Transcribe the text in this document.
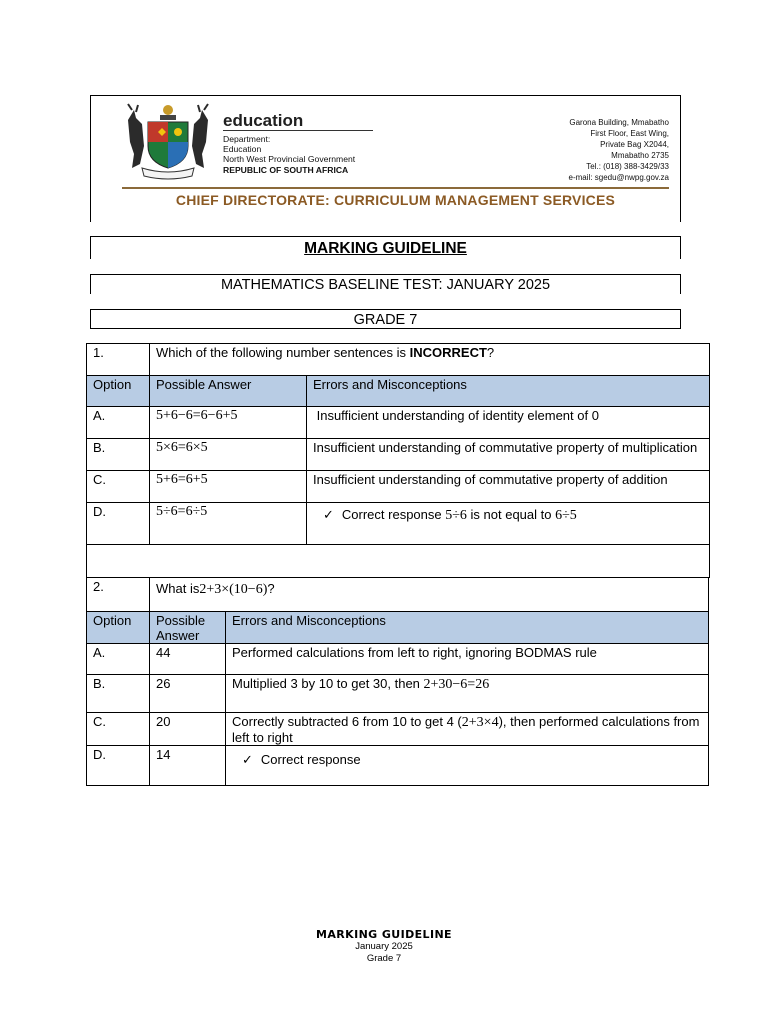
education
Department:
Education
North West Provincial Government
REPUBLIC OF SOUTH AFRICA
Garona Building, Mmabatho
First Floor, East Wing,
Private Bag X2044,
Mmabatho 2735
Tel.: (018) 388-3429/33
e-mail: sgedu@nwpg.gov.za
CHIEF DIRECTORATE: CURRICULUM MANAGEMENT SERVICES
MARKING GUIDELINE
MATHEMATICS BASELINE TEST: JANUARY 2025
GRADE 7
1.	Which of the following number sentences is INCORRECT?	
Option	Possible Answer	Errors and Misconceptions
A.	5+6−6=6−6+5	Insufficient understanding of identity element of 0
B.	5×6=6×5	Insufficient understanding of commutative property of multiplication
C.	5+6=6+5	Insufficient understanding of commutative property of addition
D.	5÷6=6÷5	✓ Correct response 5÷6 is not equal to 6÷5

2.	What is2+3×(10−6)?	
Option	Possible Answer	Errors and Misconceptions
A.	44	Performed calculations from left to right, ignoring BODMAS rule
B.	26	Multiplied 3 by 10 to get 30, then 2+30−6=26
C.	20	Correctly subtracted 6 from 10 to get 4 (2+3×4), then performed calculations from left to right
D.	14	✓ Correct response
MARKING GUIDELINE
January 2025
Grade 7
